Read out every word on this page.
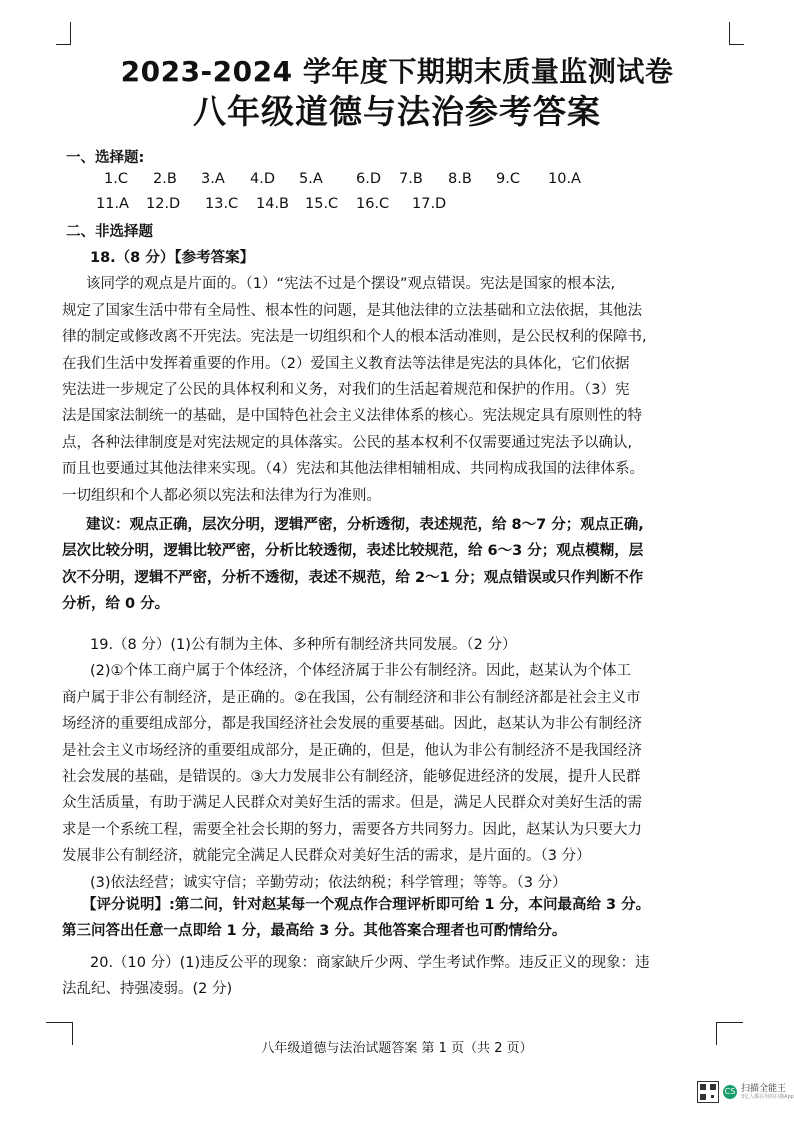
2023-2024 学年度下期期末质量监测试卷
八年级道德与法治参考答案
一、选择题:
1.C 2.B 3.A 4.D 5.A 6.D 7.B 8.B 9.C 10.A
11.A 12.D 13.C 14.B 15.C 16.C 17.D
二、非选择题

18.（8 分）【参考答案】

该同学的观点是片面的。（1）“宪法不过是个摆设”观点错误。宪法是国家的根本法,

规定了国家生活中带有全局性、根本性的问题，是其他法律的立法基础和立法依据，其他法

律的制定或修改离不开宪法。宪法是一切组织和个人的根本活动准则，是公民权利的保障书,

在我们生活中发挥着重要的作用。（2）爱国主义教育法等法律是宪法的具体化，它们依据

宪法进一步规定了公民的具体权利和义务，对我们的生活起着规范和保护的作用。（3）宪

法是国家法制统一的基础，是中国特色社会主义法律体系的核心。宪法规定具有原则性的特

点，各种法律制度是对宪法规定的具体落实。公民的基本权利不仅需要通过宪法予以确认,

而且也要通过其他法律来实现。（4）宪法和其他法律相辅相成、共同构成我国的法律体系。

一切组织和个人都必须以宪法和法律为行为准则。

建议：观点正确，层次分明，逻辑严密，分析透彻，表述规范，给 8～7 分；观点正确,

层次比较分明，逻辑比较严密，分析比较透彻，表述比较规范，给 6～3 分；观点模糊，层

次不分明，逻辑不严密，分析不透彻，表述不规范，给 2～1 分；观点错误或只作判断不作

分析，给 0 分。

19.（8 分）(1)公有制为主体、多种所有制经济共同发展。（2 分）

(2)①个体工商户属于个体经济，个体经济属于非公有制经济。因此，赵某认为个体工

商户属于非公有制经济，是正确的。②在我国，公有制经济和非公有制经济都是社会主义市

场经济的重要组成部分，都是我国经济社会发展的重要基础。因此，赵某认为非公有制经济

是社会主义市场经济的重要组成部分，是正确的，但是，他认为非公有制经济不是我国经济

社会发展的基础，是错误的。③大力发展非公有制经济，能够促进经济的发展，提升人民群

众生活质量，有助于满足人民群众对美好生活的需求。但是，满足人民群众对美好生活的需

求是一个系统工程，需要全社会长期的努力，需要各方共同努力。因此，赵某认为只要大力

发展非公有制经济，就能完全满足人民群众对美好生活的需求，是片面的。（3 分）

(3)依法经营；诚实守信；辛勤劳动；依法纳税；科学管理；等等。（3 分）

【评分说明】:第二问，针对赵某每一个观点作合理评析即可给 1 分，本问最高给 3 分。

第三问答出任意一点即给 1 分，最高给 3 分。其他答案合理者也可酌情给分。

20.（10 分）(1)违反公平的现象：商家缺斤少两、学生考试作弊。违反正义的现象：违

法乱纪、持强凌弱。(2 分)

八年级道德与法治试题答案 第 1 页（共 2 页）
CS 扫描全能王
3亿人都在用的扫描App
